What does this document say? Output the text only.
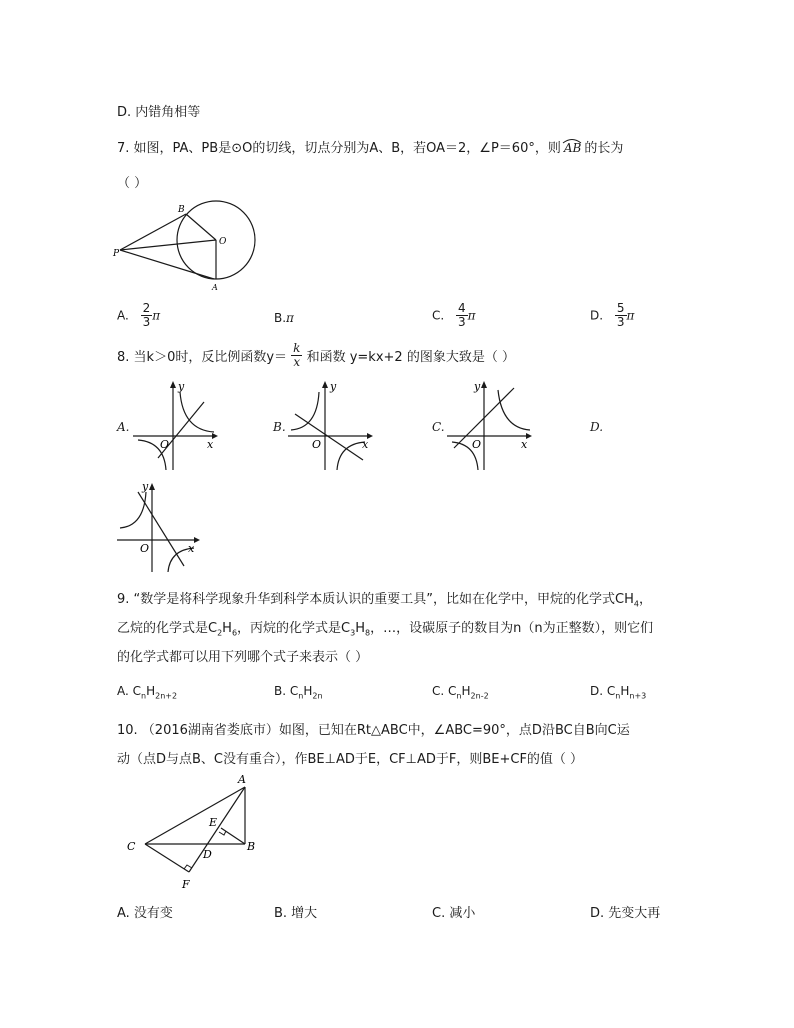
D. 内错角相等
7. 如图，PA、PB是⊙O的切线，切点分别为A、B，若OA＝2，∠P＝60°，则 AB 的长为
（ ）
B
O
P
A
A. $\frac{2}{3}$ π	B.π	C. $\frac{4}{3}$ π	D. $\frac{5}{3}$ π
8. 当k＞0时，反比例函数$y= \frac{k}{x}$ 和函数 y=kx+2 的图象大致是（ ）
A.
y
x
O
B.
y
x
O
C.
y
x
O
D.
y
x
O
9. “数学是将科学现象升华到科学本质认识的重要工具”，比如在化学中，甲烷的化学式$CH_4$，
乙烷的化学式是$C_2H_6$，丙烷的化学式是$C_3H_8$，…，设碳原子的数目为n（n为正整数），则它们
的化学式都可以用下列哪个式子来表示（ ）
A. $C_nH_{2n+2}$	B. $C_nH_{2n}$	C. $C_nH_{2n-2}$	D. $C_nH_{n+3}$
10. （2016湖南省娄底市）如图，已知在Rt△ABC中，∠ABC=90°，点D沿BC自B向C运
动（点D与点B、C没有重合），作BE⊥AD于E，CF⊥AD于F，则BE+CF的值（ ）
A
E
C
D
B
F
A. 没有变	B. 增大	C. 减小	D. 先变大再
